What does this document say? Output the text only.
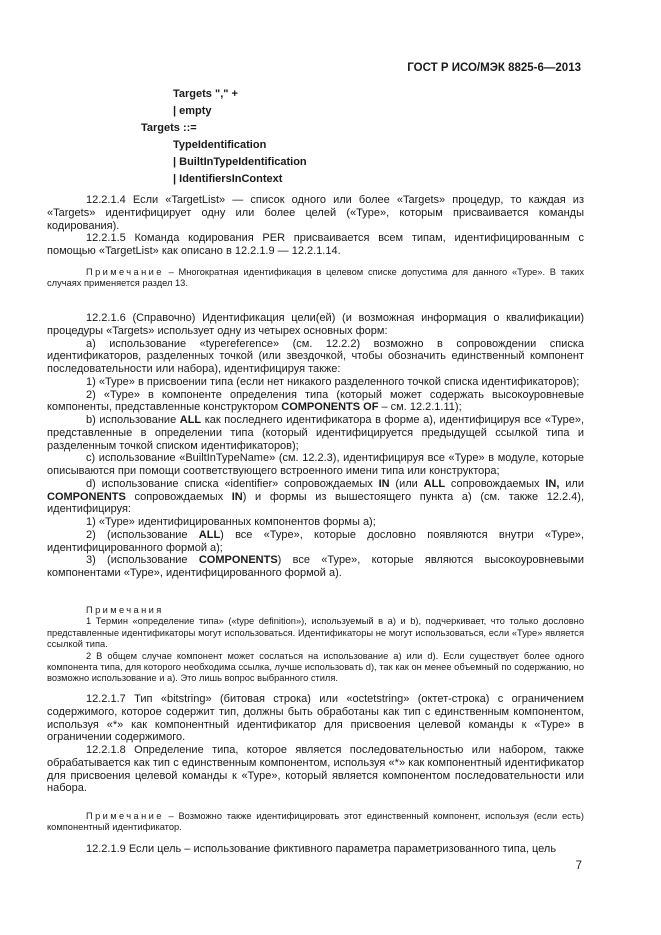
ГОСТ Р ИСО/МЭК 8825-6—2013
Targets "," +
| empty
Targets ::=
TypeIdentification
| BuiltInTypeIdentification
| IdentifiersInContext

12.2.1.4 Если «TargetList» — список одного или более «Targets» процедур, то каждая из «Targets» идентифицирует одну или более целей («Type», которым присваивается команды кодирования).

12.2.1.5 Команда кодирования PER присваивается всем типам, идентифицированным с помощью «TargetList» как описано в 12.2.1.9 — 12.2.1.14.

Примечание – Многократная идентификация в целевом списке допустима для данного «Type». В таких случаях применяется раздел 13.

12.2.1.6 (Справочно) Идентификация цели(ей) (и возможная информация о квалификации) процедуры «Targets» использует одну из четырех основных форм:

а) использование «typereference» (см. 12.2.2) возможно в сопровождении списка идентификаторов, разделенных точкой (или звездочкой, чтобы обозначить единственный компонент последовательности или набора), идентифицируя также:

1) «Type» в присвоении типа (если нет никакого разделенного точкой списка идентификаторов);

2) «Type» в компоненте определения типа (который может содержать высокоуровневые компоненты, представленные конструктором COMPONENTS OF – см. 12.2.1.11);

b) использование ALL как последнего идентификатора в форме а), идентифицируя все «Type», представленные в определении типа (который идентифицируется предыдущей ссылкой типа и разделенным точкой списком идентификаторов);

c) использование «BuiltInTypeName» (см. 12.2.3), идентифицируя все «Type» в модуле, которые описываются при помощи соответствующего встроенного имени типа или конструктора;

d) использование списка «identifier» сопровождаемых IN (или ALL сопровождаемых IN, или COMPONENTS сопровождаемых IN) и формы из вышестоящего пункта а) (см. также 12.2.4), идентифицируя:

1) «Type» идентифицированных компонентов формы а);

2) (использование ALL) все «Type», которые дословно появляются внутри «Type», идентифицированного формой а);

3) (использование COMPONENTS) все «Type», которые являются высокоуровневыми компонентами «Type», идентифицированного формой а).

Примечания

1 Термин «определение типа» («type definition»), используемый в а) и b), подчеркивает, что только дословно представленные идентификаторы могут использоваться. Идентификаторы не могут использоваться, если «Type» является ссылкой типа.

2 В общем случае компонент может сослаться на использование а) или d). Если существует более одного компонента типа, для которого необходима ссылка, лучше использовать d), так как он менее объемный по содержанию, но возможно использование и а). Это лишь вопрос выбранного стиля.

12.2.1.7 Тип «bitstring» (битовая строка) или «octetstring» (октет-строка) с ограничением содержимого, которое содержит тип, должны быть обработаны как тип с единственным компонентом, используя «*» как компонентный идентификатор для присвоения целевой команды к «Type» в ограничении содержимого.

12.2.1.8 Определение типа, которое является последовательностью или набором, также обрабатывается как тип с единственным компонентом, используя «*» как компонентный идентификатор для присвоения целевой команды к «Type», который является компонентом последовательности или набора.

Примечание – Возможно также идентифицировать этот единственный компонент, используя (если есть) компонентный идентификатор.

12.2.1.9 Если цель – использование фиктивного параметра параметризованного типа, цель

7
